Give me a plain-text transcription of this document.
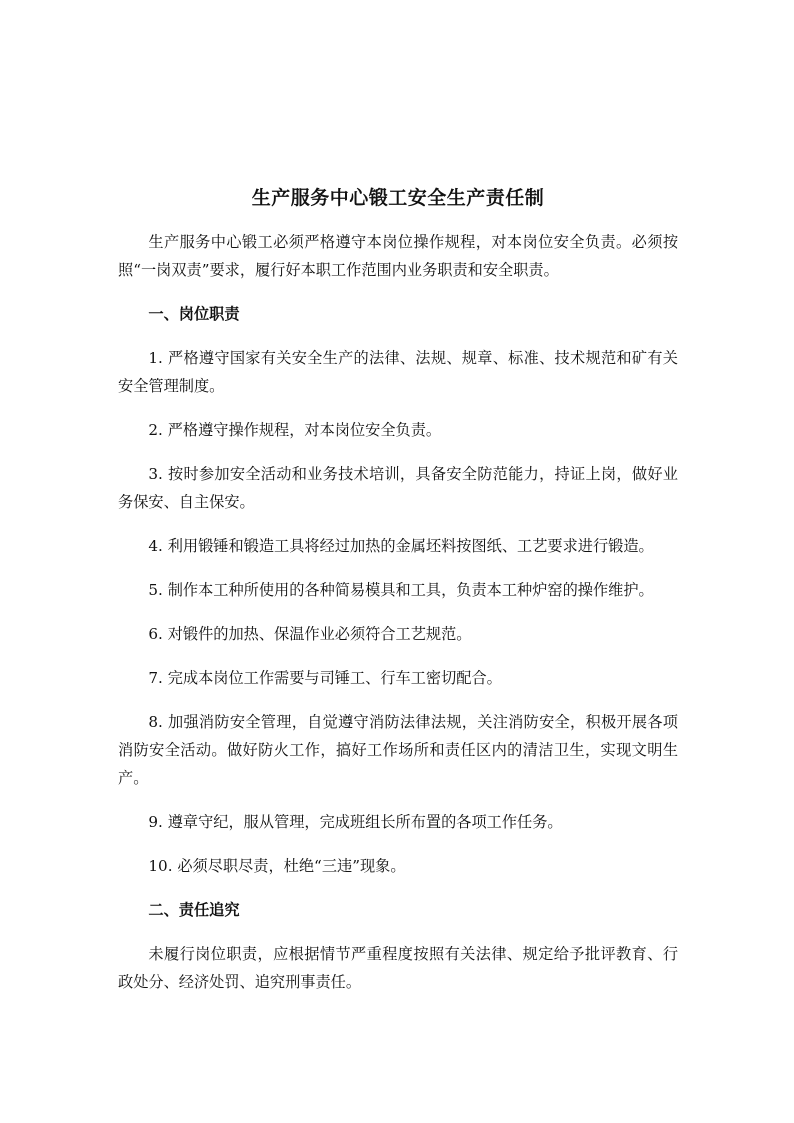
生产服务中心锻工安全生产责任制

生产服务中心锻工必须严格遵守本岗位操作规程，对本岗位安全负责。必须按照“一岗双责”要求，履行好本职工作范围内业务职责和安全职责。

一、岗位职责

1. 严格遵守国家有关安全生产的法律、法规、规章、标准、技术规范和矿有关安全管理制度。

2. 严格遵守操作规程，对本岗位安全负责。

3. 按时参加安全活动和业务技术培训，具备安全防范能力，持证上岗，做好业务保安、自主保安。

4. 利用锻锤和锻造工具将经过加热的金属坯料按图纸、工艺要求进行锻造。

5. 制作本工种所使用的各种简易模具和工具，负责本工种炉窑的操作维护。

6. 对锻件的加热、保温作业必须符合工艺规范。

7. 完成本岗位工作需要与司锤工、行车工密切配合。

8. 加强消防安全管理，自觉遵守消防法律法规，关注消防安全，积极开展各项消防安全活动。做好防火工作，搞好工作场所和责任区内的清洁卫生，实现文明生产。

9. 遵章守纪，服从管理，完成班组长所布置的各项工作任务。

10. 必须尽职尽责，杜绝“三违”现象。

二、责任追究

未履行岗位职责，应根据情节严重程度按照有关法律、规定给予批评教育、行政处分、经济处罚、追究刑事责任。
